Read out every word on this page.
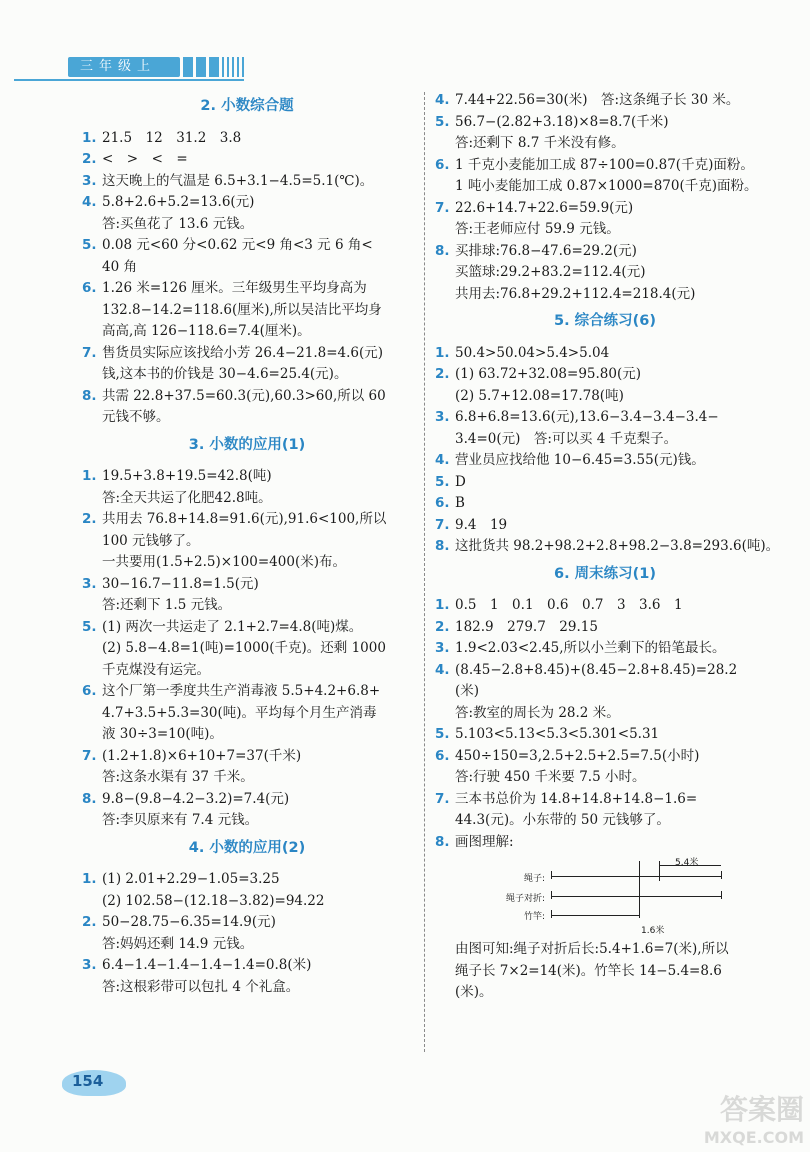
三年级上
2. 小数综合题
1. 21.5　12　31.2　3.8
2. <　>　<　=
3. 这天晚上的气温是 6.5+3.1−4.5=5.1(℃)。
4. 5.8+2.6+5.2=13.6(元)
答:买鱼花了 13.6 元钱。
5. 0.08 元<60 分<0.62 元<9 角<3 元 6 角<
40 角
6. 1.26 米=126 厘米。三年级男生平均身高为
132.8−14.2=118.6(厘米),所以吴洁比平均身
高高,高 126−118.6=7.4(厘米)。
7. 售货员实际应该找给小芳 26.4−21.8=4.6(元)
钱,这本书的价钱是 30−4.6=25.4(元)。
8. 共需 22.8+37.5=60.3(元),60.3>60,所以 60
元钱不够。
3. 小数的应用(1)
1. 19.5+3.8+19.5=42.8(吨)
答:全天共运了化肥42.8吨。
2. 共用去 76.8+14.8=91.6(元),91.6<100,所以
100 元钱够了。
一共要用(1.5+2.5)×100=400(米)布。
3. 30−16.7−11.8=1.5(元)
答:还剩下 1.5 元钱。
5. (1) 两次一共运走了 2.1+2.7=4.8(吨)煤。
(2) 5.8−4.8=1(吨)=1000(千克)。还剩 1000
千克煤没有运完。
6. 这个厂第一季度共生产消毒液 5.5+4.2+6.8+
4.7+3.5+5.3=30(吨)。平均每个月生产消毒
液 30÷3=10(吨)。
7. (1.2+1.8)×6+10+7=37(千米)
答:这条水渠有 37 千米。
8. 9.8−(9.8−4.2−3.2)=7.4(元)
答:李贝原来有 7.4 元钱。
4. 小数的应用(2)
1. (1) 2.01+2.29−1.05=3.25
(2) 102.58−(12.18−3.82)=94.22
2. 50−28.75−6.35=14.9(元)
答:妈妈还剩 14.9 元钱。
3. 6.4−1.4−1.4−1.4−1.4=0.8(米)
答:这根彩带可以包扎 4 个礼盒。
4. 7.44+22.56=30(米)　答:这条绳子长 30 米。
5. 56.7−(2.82+3.18)×8=8.7(千米)
答:还剩下 8.7 千米没有修。
6. 1 千克小麦能加工成 87÷100=0.87(千克)面粉。
1 吨小麦能加工成 0.87×1000=870(千克)面粉。
7. 22.6+14.7+22.6=59.9(元)
答:王老师应付 59.9 元钱。
8. 买排球:76.8−47.6=29.2(元)
买篮球:29.2+83.2=112.4(元)
共用去:76.8+29.2+112.4=218.4(元)
5. 综合练习(6)
1. 50.4>50.04>5.4>5.04
2. (1) 63.72+32.08=95.80(元)
(2) 5.7+12.08=17.78(吨)
3. 6.8+6.8=13.6(元),13.6−3.4−3.4−3.4−
3.4=0(元)　答:可以买 4 千克梨子。
4. 营业员应找给他 10−6.45=3.55(元)钱。
5. D
6. B
7. 9.4　19
8. 这批货共 98.2+98.2+2.8+98.2−3.8=293.6(吨)。
6. 周末练习(1)
1. 0.5　1　0.1　0.6　0.7　3　3.6　1
2. 182.9　279.7　29.15
3. 1.9<2.03<2.45,所以小兰剩下的铅笔最长。
4. (8.45−2.8+8.45)+(8.45−2.8+8.45)=28.2
(米)
答:教室的周长为 28.2 米。
5. 5.103<5.13<5.3<5.301<5.31
6. 450÷150=3,2.5+2.5+2.5=7.5(小时)
答:行驶 450 千米要 7.5 小时。
7. 三本书总价为 14.8+14.8+14.8−1.6=
44.3(元)。小东带的 50 元钱够了。
8. 画图理解:
绳子:
绳子对折:
竹竿:
5.4米
1.6米
由图可知:绳子对折后长:5.4+1.6=7(米),所以
绳子长 7×2=14(米)。竹竿长 14−5.4=8.6
(米)。
154
答案圈
MXQE.COM
